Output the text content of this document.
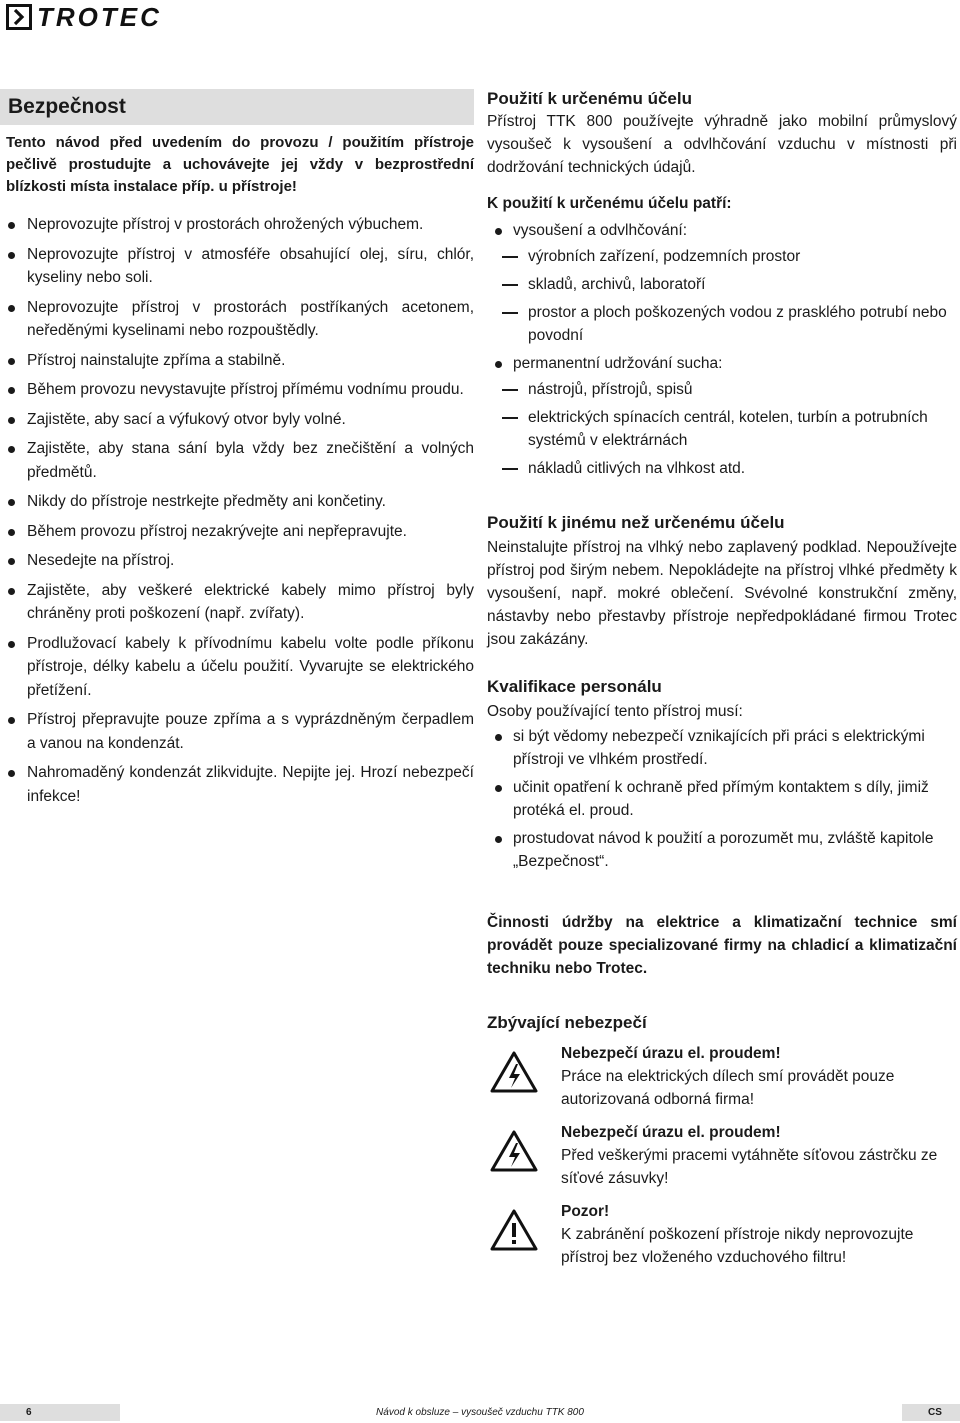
TROTEC
Bezpečnost

Tento návod před uvedením do provozu / použitím přístroje pečlivě prostudujte a uchovávejte jej vždy v bezprostřední blízkosti místa instalace příp. u přístroje!

Neprovozujte přístroj v prostorách ohrožených výbuchem.
Neprovozujte přístroj v atmosféře obsahující olej, síru, chlór, kyseliny nebo soli.
Neprovozujte přístroj v prostorách postříkaných acetonem, neředěnými kyselinami nebo rozpouštědly.
Přístroj nainstalujte zpříma a stabilně.
Během provozu nevystavujte přístroj přímému vodnímu proudu.
Zajistěte, aby sací a výfukový otvor byly volné.
Zajistěte, aby stana sání byla vždy bez znečištění a volných předmětů.
Nikdy do přístroje nestrkejte předměty ani končetiny.
Během provozu přístroj nezakrývejte ani nepřepravujte.
Nesedejte na přístroj.
Zajistěte, aby veškeré elektrické kabely mimo přístroj byly chráněny proti poškození (např. zvířaty).
Prodlužovací kabely k přívodnímu kabelu volte podle příkonu přístroje, délky kabelu a účelu použití. Vyvarujte se elektrického přetížení.
Přístroj přepravujte pouze zpříma a s vyprázdněným čerpadlem a vanou na kondenzát.
Nahromaděný kondenzát zlikvidujte. Nepijte jej. Hrozí nebezpečí infekce!
Použití k určenému účelu

Přístroj TTK 800 používejte výhradně jako mobilní průmyslový vysoušeč k vysoušení a odvlhčování vzduchu v místnosti při dodržování technických údajů.

K použití k určenému účelu patří:
vysoušení a odvlhčování:
výrobních zařízení, podzemních prostor
skladů, archivů, laboratoří
prostor a ploch poškozených vodou z prasklého potrubí nebo povodní
permanentní udržování sucha:
nástrojů, přístrojů, spisů
elektrických spínacích centrál, kotelen, turbín a potrubních systémů v elektrárnách
nákladů citlivých na vlhkost atd.
Použití k jinému než určenému účelu

Neinstalujte přístroj na vlhký nebo zaplavený podklad. Nepoužívejte přístroj pod širým nebem. Nepokládejte na přístroj vlhké předměty k vysoušení, např. mokré oblečení. Svévolné konstrukční změny, nástavby nebo přestavby přístroje nepředpokládané firmou Trotec jsou zakázány.

Kvalifikace personálu

Osoby používající tento přístroj musí:

si být vědomy nebezpečí vznikajících při práci s elektrickými přístroji ve vlhkém prostředí.
učinit opatření k ochraně před přímým kontaktem s díly, jimiž protéká el. proud.
prostudovat návod k použití a porozumět mu, zvláště kapitole „Bezpečnost“.

Činnosti údržby na elektrice a klimatizační technice smí provádět pouze specializované firmy na chladicí a klimatizační techniku nebo Trotec.

Zbývající nebezpečí
Nebezpečí úrazu el. proudem!
Práce na elektrických dílech smí provádět pouze autorizovaná odborná firma!
Nebezpečí úrazu el. proudem!
Před veškerými pracemi vytáhněte síťovou zástrčku ze síťové zásuvky!
Pozor!
K zabránění poškození přístroje nikdy neprovozujte přístroj bez vloženého vzduchového filtru!
Návod k obsluze – vysoušeč vzduchu TTK 800
6	CS
